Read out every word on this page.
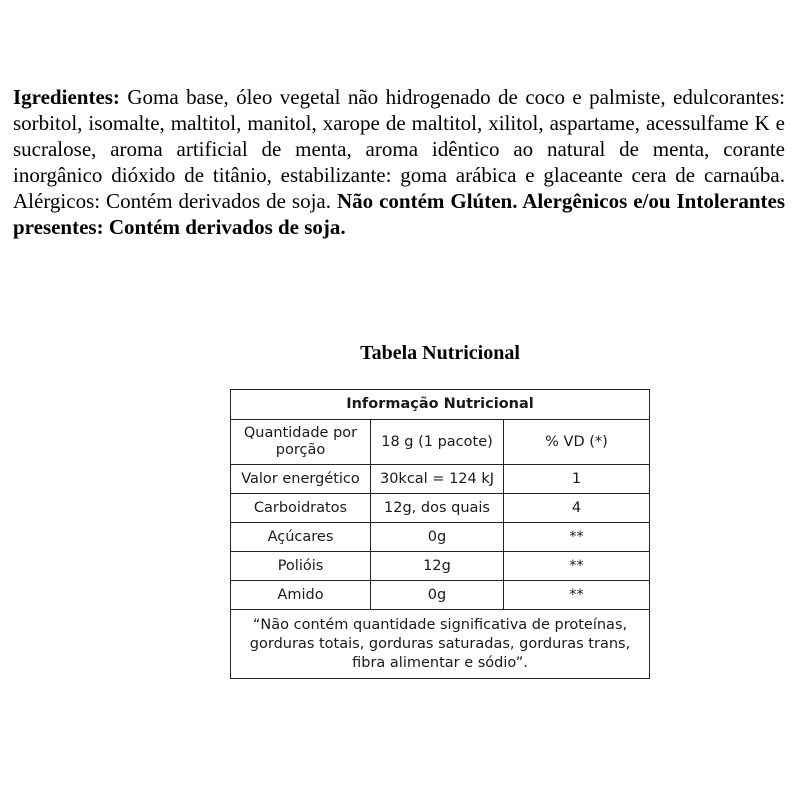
Igredientes: Goma base, óleo vegetal não hidrogenado de coco e palmiste, edulcorantes: sorbitol, isomalte, maltitol, manitol, xarope de maltitol, xilitol, aspartame, acessulfame K e sucralose, aroma artificial de menta, aroma idêntico ao natural de menta, corante inorgânico dióxido de titânio, estabilizante: goma arábica e glaceante cera de carnaúba. Alérgicos: Contém derivados de soja. Não contém Glúten. Alergênicos e/ou Intolerantes presentes: Contém derivados de soja.
Tabela Nutricional
Informação Nutricional		
Quantidade por porção	18 g (1 pacote)	% VD (*)
Valor energético	30kcal = 124 kJ	1
Carboidratos	12g, dos quais	4
Açúcares	0g	**
Polióis	12g	**
Amido	0g	**
“Não contém quantidade significativa de proteínas, gorduras totais, gorduras saturadas, gorduras trans, fibra alimentar e sódio”.		
